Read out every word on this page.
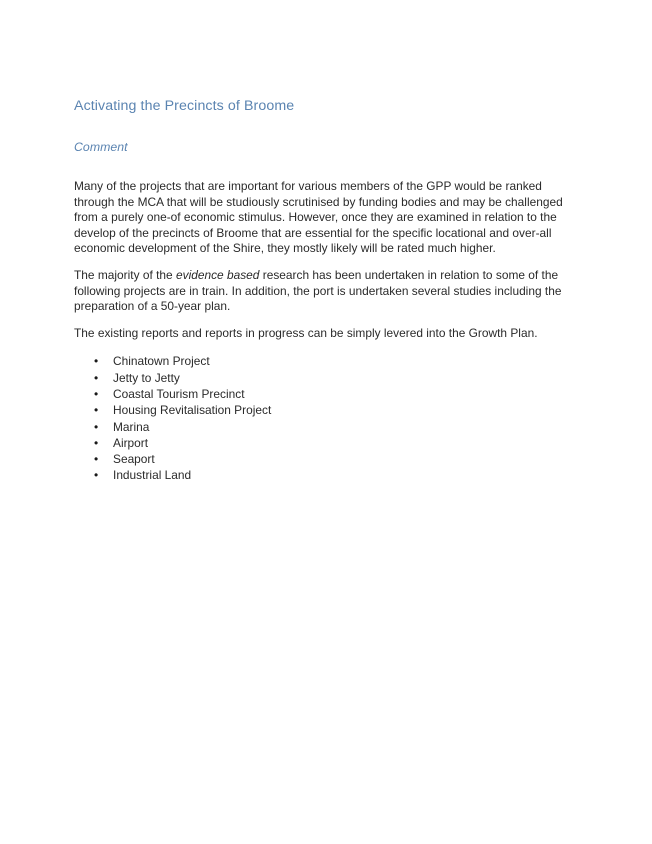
Activating the Precincts of Broome
Comment

Many of the projects that are important for various members of the GPP would be ranked through the MCA that will be studiously scrutinised by funding bodies and may be challenged from a purely one-of economic stimulus. However, once they are examined in relation to the develop of the precincts of Broome that are essential for the specific locational and over-all economic development of the Shire, they mostly likely will be rated much higher.

The majority of the evidence based research has been undertaken in relation to some of the following projects are in train. In addition, the port is undertaken several studies including the preparation of a 50-year plan.

The existing reports and reports in progress can be simply levered into the Growth Plan.

• Chinatown Project
• Jetty to Jetty
• Coastal Tourism Precinct
• Housing Revitalisation Project
• Marina
• Airport
• Seaport
• Industrial Land
